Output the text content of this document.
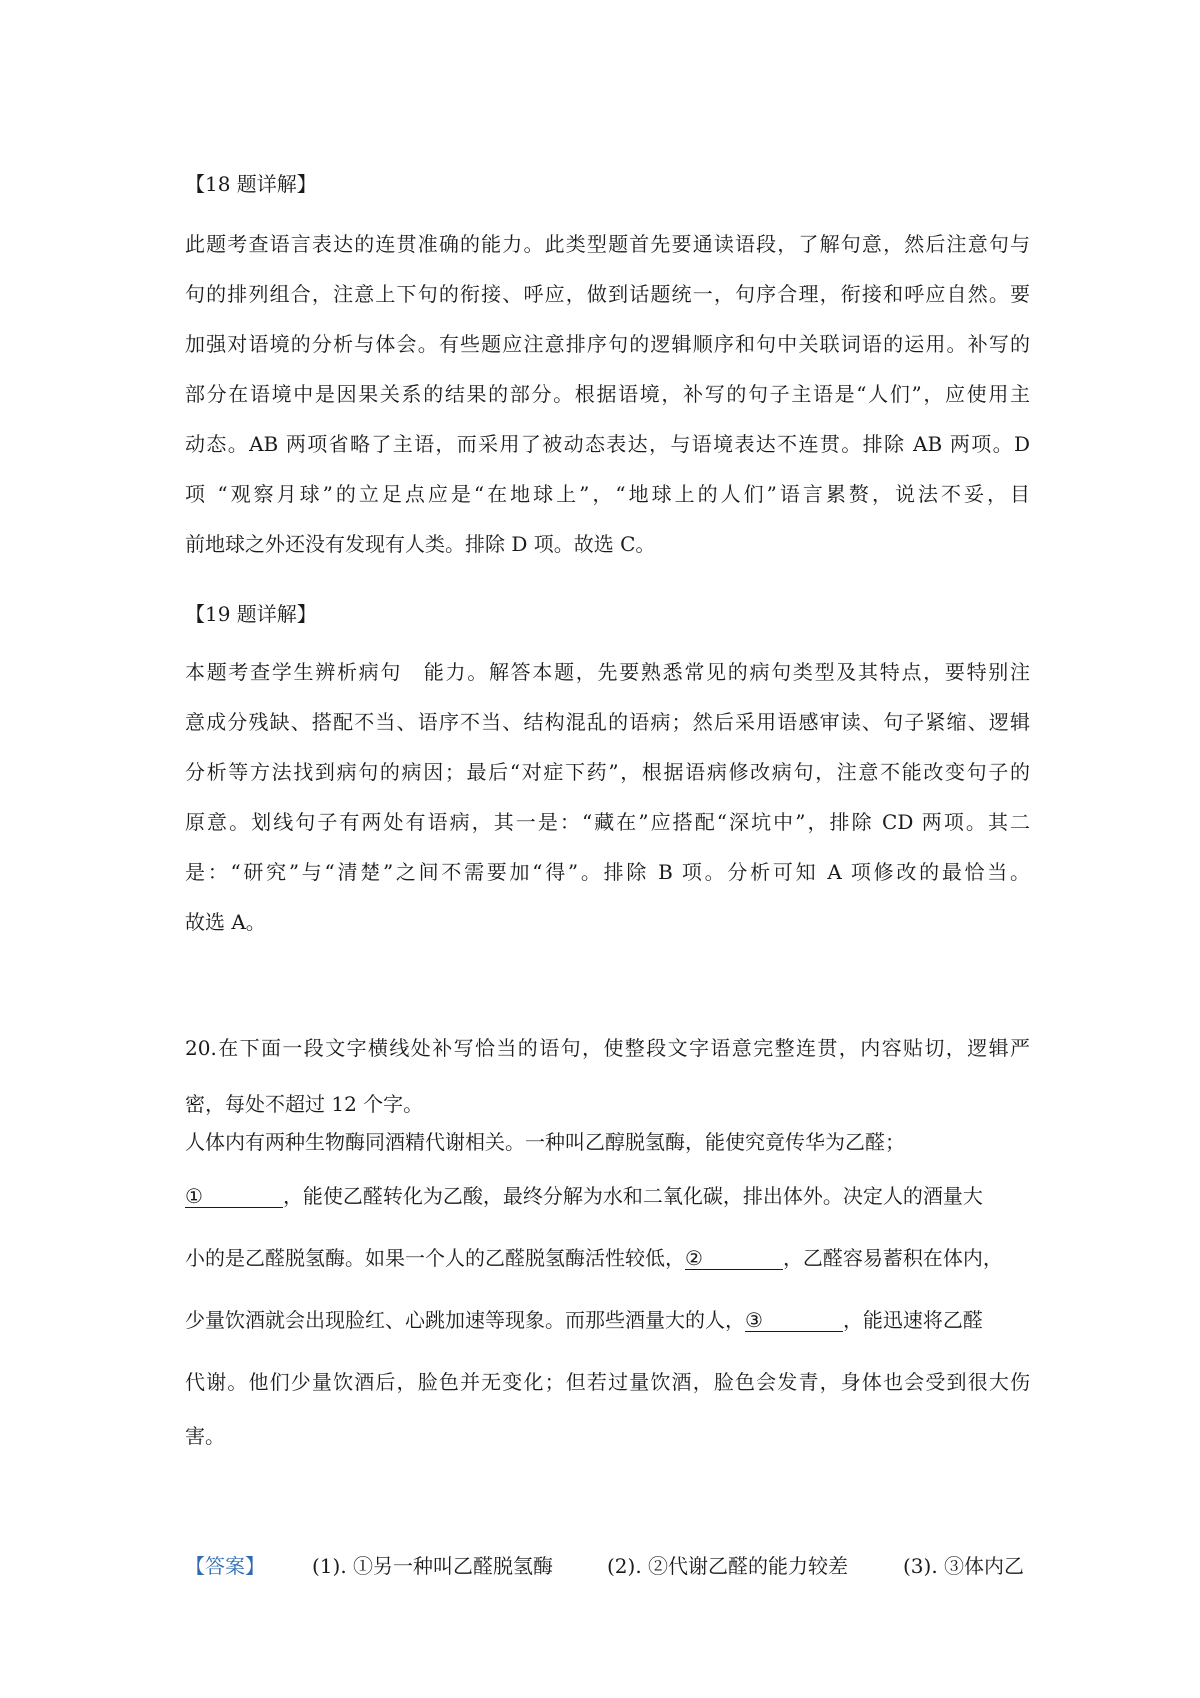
【18 题详解】
此题考查语言表达的连贯准确的能力。此类型题首先要通读语段，了解句意，然后注意句与
句的排列组合，注意上下句的衔接、呼应，做到话题统一，句序合理，衔接和呼应自然。要
加强对语境的分析与体会。有些题应注意排序句的逻辑顺序和句中关联词语的运用。补写的
部分在语境中是因果关系的结果的部分。根据语境，补写的句子主语是“人们”，应使用主
动态。AB 两项省略了主语，而采用了被动态表达，与语境表达不连贯。排除 AB 两项。D
项 “观察月球”的立足点应是“在地球上”，“地球上的人们”语言累赘，说法不妥，目
前地球之外还没有发现有人类。排除 D 项。故选 C。
【19 题详解】
本题考查学生辨析病句　能力。解答本题，先要熟悉常见的病句类型及其特点，要特别注
意成分残缺、搭配不当、语序不当、结构混乱的语病；然后采用语感审读、句子紧缩、逻辑
分析等方法找到病句的病因；最后“对症下药”，根据语病修改病句，注意不能改变句子的
原意。划线句子有两处有语病，其一是：“藏在”应搭配“深坑中”，排除 CD 两项。其二
是：“研究”与“清楚”之间不需要加“得”。排除 B 项。分析可知 A 项修改的最恰当。
故选 A。
20.在下面一段文字横线处补写恰当的语句，使整段文字语意完整连贯，内容贴切，逻辑严
密，每处不超过 12 个字。
人体内有两种生物酶同酒精代谢相关。一种叫乙醇脱氢酶，能使究竟传华为乙醛；
①　　　　，能使乙醛转化为乙酸，最终分解为水和二氧化碳，排出体外。决定人的酒量大
小的是乙醛脱氢酶。如果一个人的乙醛脱氢酶活性较低，②　　　　，乙醛容易蓄积在体内，
少量饮酒就会出现脸红、心跳加速等现象。而那些酒量大的人，③　　　　，能迅速将乙醛
代谢。他们少量饮酒后，脸色并无变化；但若过量饮酒，脸色会发青，身体也会受到很大伤
害。
【答案】 (1). ①另一种叫乙醛脱氢酶	(2). ②代谢乙醛的能力较差	(3). ③体内乙
